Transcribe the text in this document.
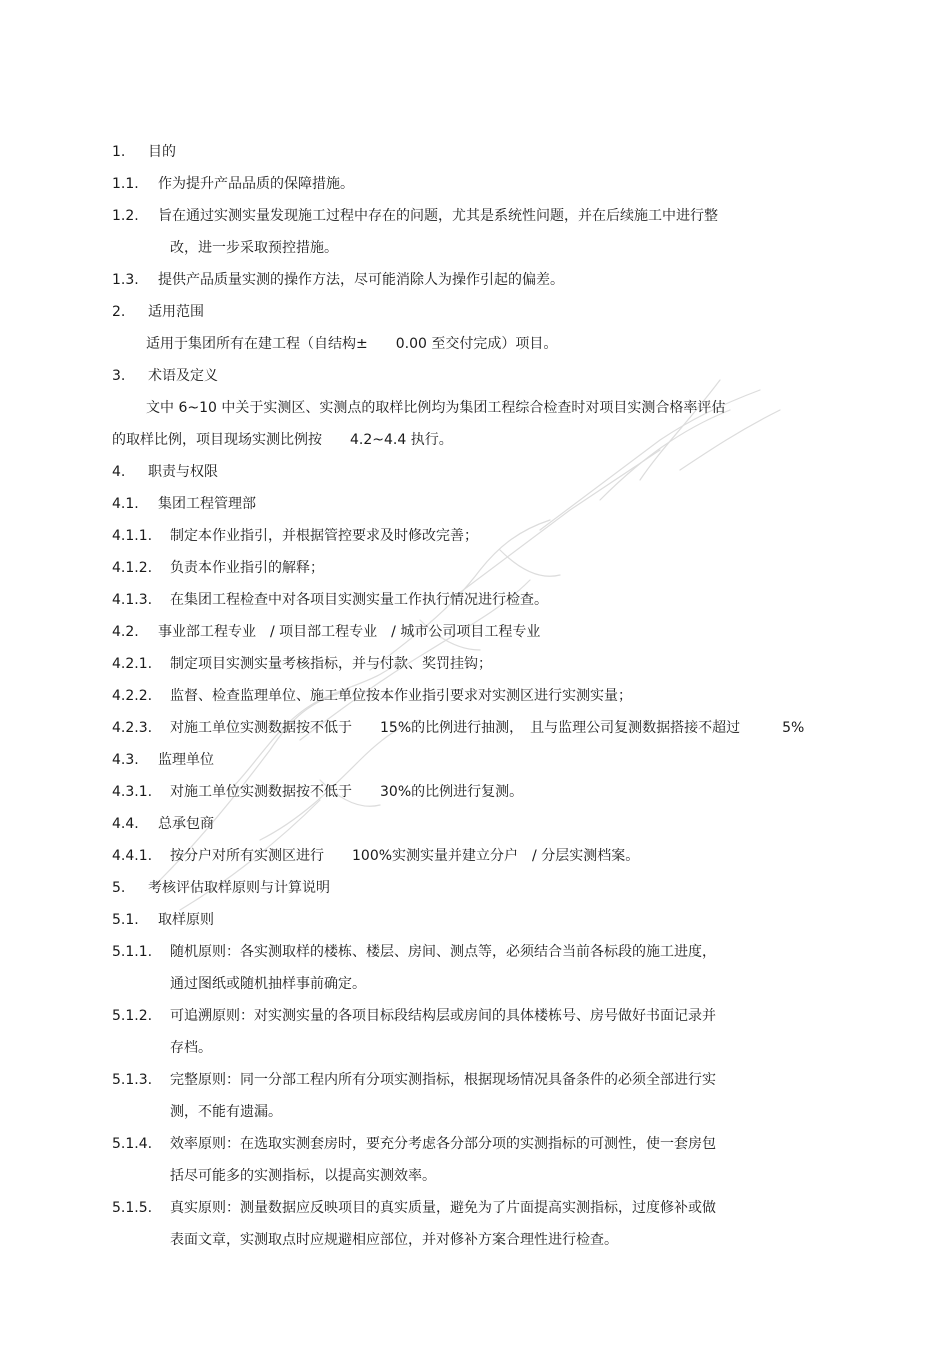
1. 目的
1.1. 作为提升产品品质的保障措施。
1.2. 旨在通过实测实量发现施工过程中存在的问题，尤其是系统性问题，并在后续施工中进行整
改，进一步采取预控措施。
1.3. 提供产品质量实测的操作方法，尽可能消除人为操作引起的偏差。
2. 适用范围
适用于集团所有在建工程（自结构±　　0.00 至交付完成）项目。
3. 术语及定义
文中 6~10 中关于实测区、实测点的取样比例均为集团工程综合检查时对项目实测合格率评估
的取样比例，项目现场实测比例按　　4.2~4.4 执行。
4. 职责与权限
4.1. 集团工程管理部
4.1.1. 制定本作业指引，并根据管控要求及时修改完善；
4.1.2. 负责本作业指引的解释；
4.1.3. 在集团工程检查中对各项目实测实量工作执行情况进行检查。
4.2. 事业部工程专业　/ 项目部工程专业　/ 城市公司项目工程专业
4.2.1. 制定项目实测实量考核指标，并与付款、奖罚挂钩；
4.2.2. 监督、检查监理单位、施工单位按本作业指引要求对实测区进行实测实量；
4.2.3. 对施工单位实测数据按不低于　　15%的比例进行抽测，　且与监理公司复测数据搭接不超过　　　5%
4.3. 监理单位
4.3.1. 对施工单位实测数据按不低于　　30%的比例进行复测。
4.4. 总承包商
4.4.1. 按分户对所有实测区进行　　100%实测实量并建立分户　/ 分层实测档案。
5. 考核评估取样原则与计算说明
5.1. 取样原则
5.1.1. 随机原则：各实测取样的楼栋、楼层、房间、测点等，必须结合当前各标段的施工进度，
通过图纸或随机抽样事前确定。
5.1.2. 可追溯原则：对实测实量的各项目标段结构层或房间的具体楼栋号、房号做好书面记录并
存档。
5.1.3. 完整原则：同一分部工程内所有分项实测指标，根据现场情况具备条件的必须全部进行实
测，不能有遗漏。
5.1.4. 效率原则：在选取实测套房时，要充分考虑各分部分项的实测指标的可测性，使一套房包
括尽可能多的实测指标，以提高实测效率。
5.1.5. 真实原则：测量数据应反映项目的真实质量，避免为了片面提高实测指标，过度修补或做
表面文章，实测取点时应规避相应部位，并对修补方案合理性进行检查。
